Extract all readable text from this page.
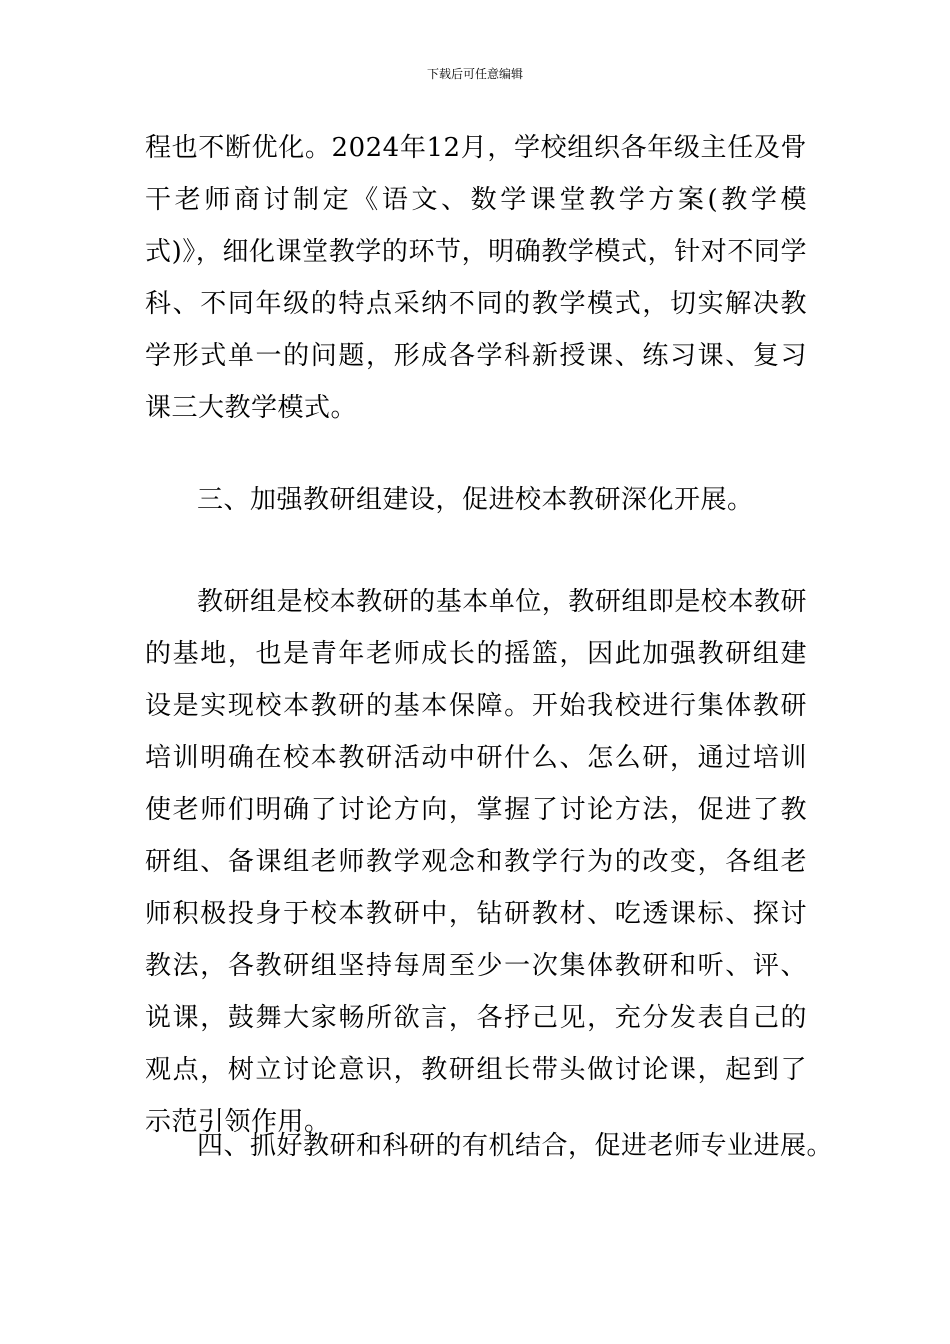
下载后可任意编辑

程也不断优化。2024年12月，学校组织各年级主任及骨干老师商讨制定《语文、数学课堂教学方案(教学模式)》，细化课堂教学的环节，明确教学模式，针对不同学科、不同年级的特点采纳不同的教学模式，切实解决教学形式单一的问题，形成各学科新授课、练习课、复习课三大教学模式。

三、加强教研组建设，促进校本教研深化开展。

教研组是校本教研的基本单位，教研组即是校本教研的基地，也是青年老师成长的摇篮，因此加强教研组建设是实现校本教研的基本保障。开始我校进行集体教研培训明确在校本教研活动中研什么、怎么研，通过培训使老师们明确了讨论方向，掌握了讨论方法，促进了教研组、备课组老师教学观念和教学行为的改变，各组老师积极投身于校本教研中，钻研教材、吃透课标、探讨教法，各教研组坚持每周至少一次集体教研和听、评、说课，鼓舞大家畅所欲言，各抒己见，充分发表自己的观点，树立讨论意识，教研组长带头做讨论课，起到了示范引领作用。

四、抓好教研和科研的有机结合，促进老师专业进展。
